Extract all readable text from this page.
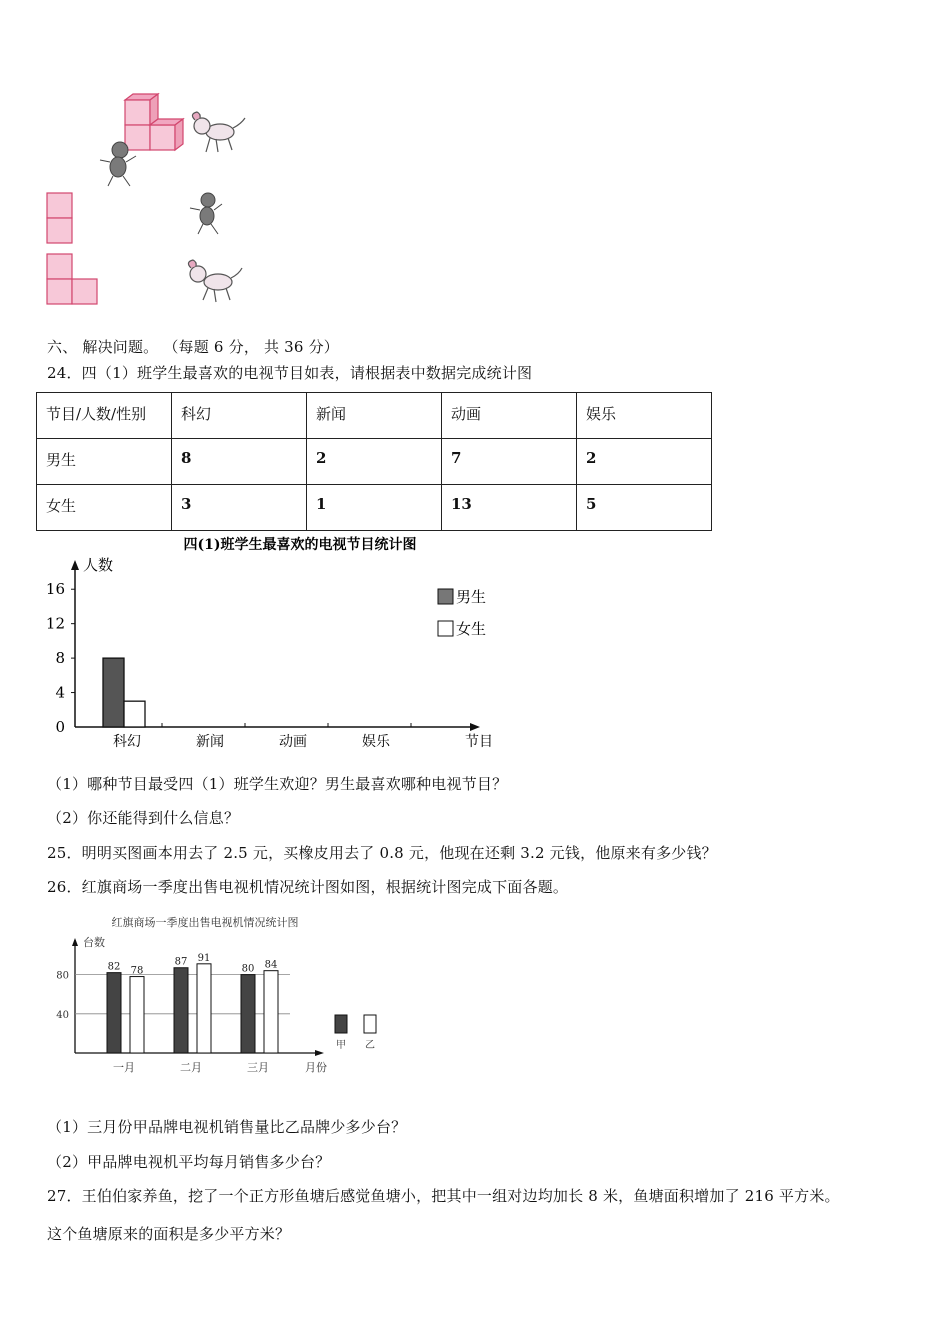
六、 解决问题。 （每题 6 分， 共 36 分）
24．四（1）班学生最喜欢的电视节目如表，请根据表中数据完成统计图
节目/人数/性别	科幻	新闻	动画	娱乐
男生	8	2	7	2
女生	3	1	13	5
四(1)班学生最喜欢的电视节目统计图
人数
0
4
8
12
16
科幻	新闻	动画	娱乐	节目
男生
女生
（1）哪种节目最受四（1）班学生欢迎？男生最喜欢哪种电视节目？
（2）你还能得到什么信息？
25．明明买图画本用去了 2.5 元，买橡皮用去了 0.8 元，他现在还剩 3.2 元钱，他原来有多少钱？
26．红旗商场一季度出售电视机情况统计图如图，根据统计图完成下面各题。
红旗商场一季度出售电视机情况统计图
台数
40
80
一月	二月	三月	月份
82	87
80
78
91
84
甲 乙
（1）三月份甲品牌电视机销售量比乙品牌少多少台？
（2）甲品牌电视机平均每月销售多少台？
27．王伯伯家养鱼，挖了一个正方形鱼塘后感觉鱼塘小，把其中一组对边均加长 8 米，鱼塘面积增加了 216 平方米。
这个鱼塘原来的面积是多少平方米？
